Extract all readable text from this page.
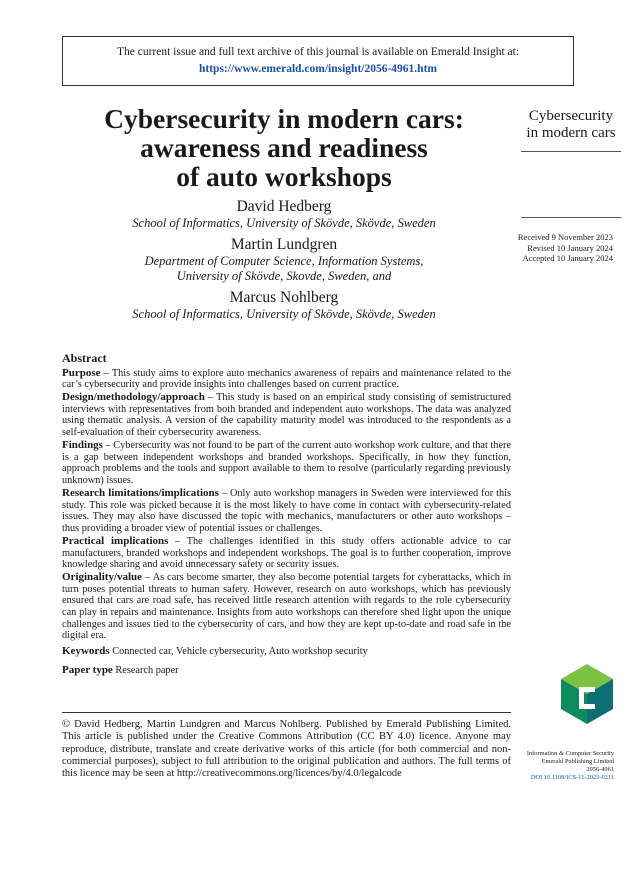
The current issue and full text archive of this journal is available on Emerald Insight at:
https://www.emerald.com/insight/2056-4961.htm
Cybersecurity in modern cars:
awareness and readiness
of auto workshops
David Hedberg
School of Informatics, University of Skövde, Skövde, Sweden
Martin Lundgren
Department of Computer Science, Information Systems,
University of Skövde, Skovde, Sweden, and
Marcus Nohlberg
School of Informatics, University of Skövde, Skövde, Sweden
Cybersecurity
in modern cars
Received 9 November 2023
Revised 10 January 2024
Accepted 10 January 2024
Abstract

Purpose – This study aims to explore auto mechanics awareness of repairs and maintenance related to the car’s cybersecurity and provide insights into challenges based on current practice.

Design/methodology/approach – This study is based on an empirical study consisting of semistructured interviews with representatives from both branded and independent auto workshops. The data was analyzed using thematic analysis. A version of the capability maturity model was introduced to the respondents as a self-evaluation of their cybersecurity awareness.

Findings – Cybersecurity was not found to be part of the current auto workshop work culture, and that there is a gap between independent workshops and branded workshops. Specifically, in how they function, approach problems and the tools and support available to them to resolve (particularly regarding previously unknown) issues.

Research limitations/implications – Only auto workshop managers in Sweden were interviewed for this study. This role was picked because it is the most likely to have come in contact with cybersecurity-related issues. They may also have discussed the topic with mechanics, manufacturers or other auto workshops – thus providing a broader view of potential issues or challenges.

Practical implications – The challenges identified in this study offers actionable advice to car manufacturers, branded workshops and independent workshops. The goal is to further cooperation, improve knowledge sharing and avoid unnecessary safety or security issues.

Originality/value – As cars become smarter, they also become potential targets for cyberattacks, which in turn poses potential threats to human safety. However, research on auto workshops, which has previously ensured that cars are road safe, has received little research attention with regards to the role cybersecurity can play in repairs and maintenance. Insights from auto workshops can therefore shed light upon the unique challenges and issues tied to the cybersecurity of cars, and how they are kept up-to-date and road safe in the digital era.

Keywords Connected car, Vehicle cybersecurity, Auto workshop security

Paper type Research paper

© David Hedberg, Martin Lundgren and Marcus Nohlberg. Published by Emerald Publishing Limited. This article is published under the Creative Commons Attribution (CC BY 4.0) licence. Anyone may reproduce, distribute, translate and create derivative works of this article (for both commercial and non-commercial purposes), subject to full attribution to the original publication and authors. The full terms of this licence may be seen at http://creativecommons.org/licences/by/4.0/legalcode
Information & Computer Security
Emerald Publishing Limited
2056-4961
DOI 10.1108/ICS-11-2023-0211
